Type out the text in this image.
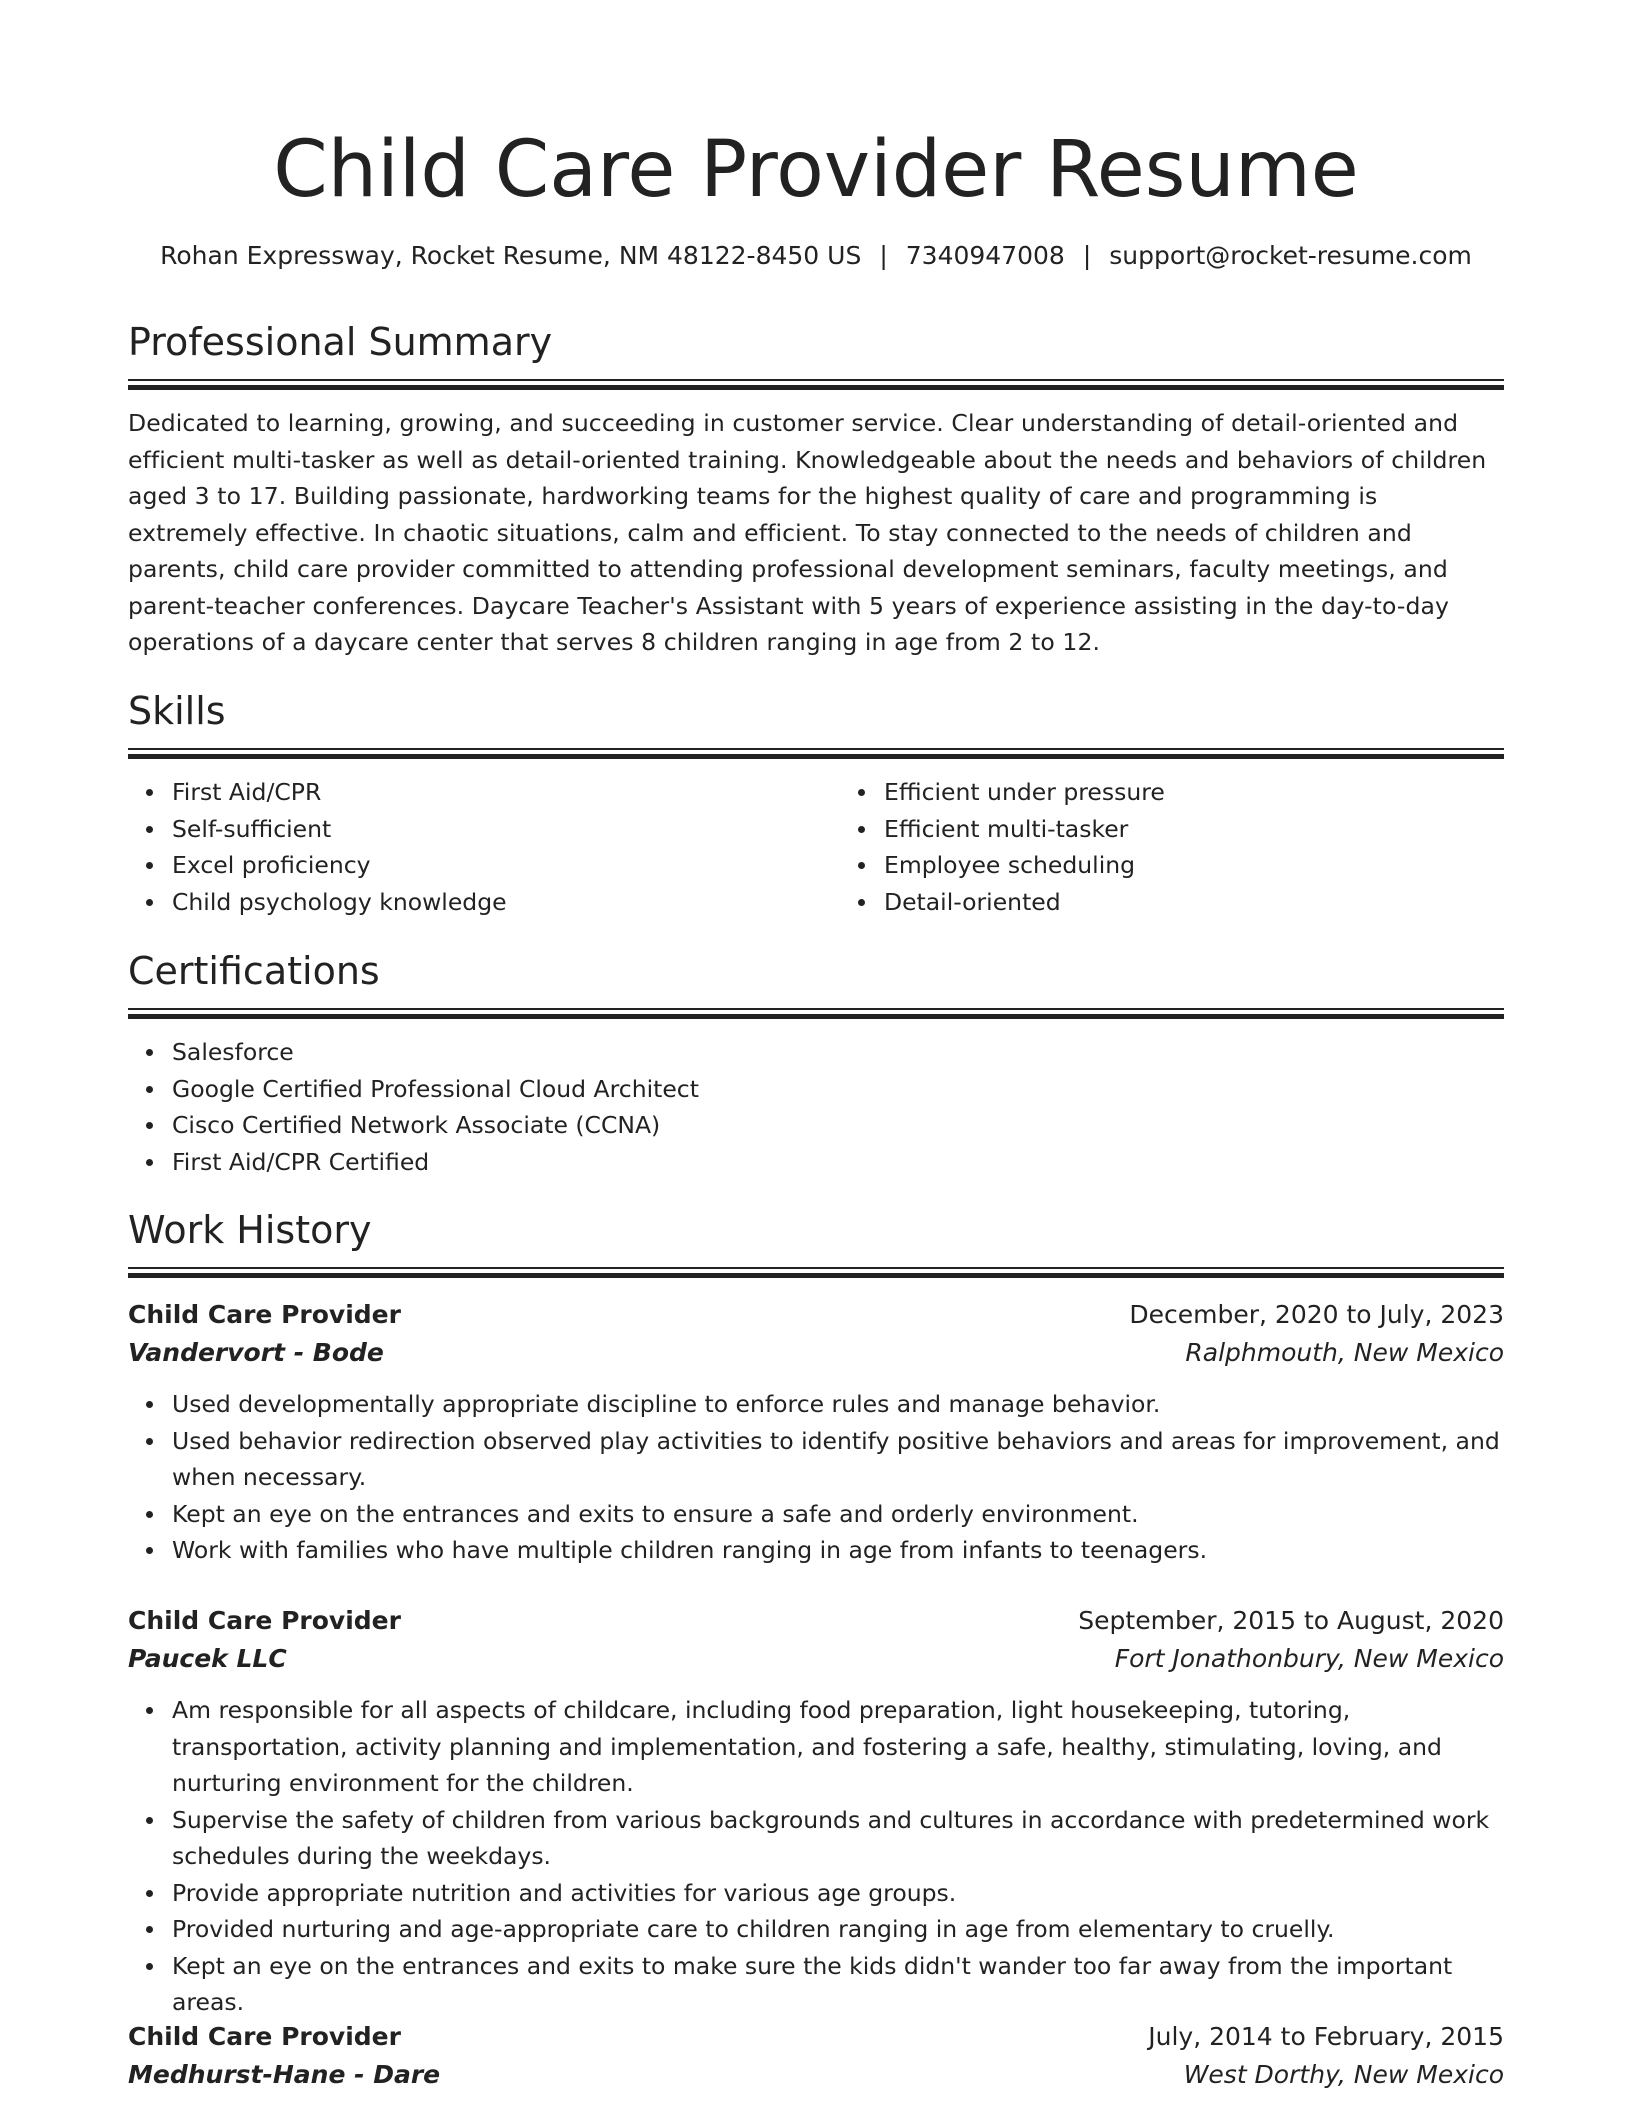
Child Care Provider Resume
Rohan Expressway, Rocket Resume, NM 48122-8450 US | 7340947008 | support@rocket-resume.com
Professional Summary

Dedicated to learning, growing, and succeeding in customer service. Clear understanding of detail-oriented and efficient multi-tasker as well as detail-oriented training. Knowledgeable about the needs and behaviors of children aged 3 to 17. Building passionate, hardworking teams for the highest quality of care and programming is extremely effective. In chaotic situations, calm and efficient. To stay connected to the needs of children and parents, child care provider committed to attending professional development seminars, faculty meetings, and parent-teacher conferences. Daycare Teacher's Assistant with 5 years of experience assisting in the day-to-day operations of a daycare center that serves 8 children ranging in age from 2 to 12.

Skills
First Aid/CPR
Self-sufficient
Excel proficiency
Child psychology knowledge
Efficient under pressure
Efficient multi-tasker
Employee scheduling
Detail-oriented
Certifications
Salesforce
Google Certified Professional Cloud Architect
Cisco Certified Network Associate (CCNA)
First Aid/CPR Certified
Work History
Child Care Provider	December, 2020 to July, 2023
Vandervort - Bode	Ralphmouth, New Mexico
Used developmentally appropriate discipline to enforce rules and manage behavior.
Used behavior redirection observed play activities to identify positive behaviors and areas for improvement, and when necessary.
Kept an eye on the entrances and exits to ensure a safe and orderly environment.
Work with families who have multiple children ranging in age from infants to teenagers.
Child Care Provider	September, 2015 to August, 2020
Paucek LLC	Fort Jonathonbury, New Mexico
Am responsible for all aspects of childcare, including food preparation, light housekeeping, tutoring, transportation, activity planning and implementation, and fostering a safe, healthy, stimulating, loving, and nurturing environment for the children.
Supervise the safety of children from various backgrounds and cultures in accordance with predetermined work schedules during the weekdays.
Provide appropriate nutrition and activities for various age groups.
Provided nurturing and age-appropriate care to children ranging in age from elementary to cruelly.
Kept an eye on the entrances and exits to make sure the kids didn't wander too far away from the important areas.
Child Care Provider	July, 2014 to February, 2015
Medhurst-Hane - Dare	West Dorthy, New Mexico
